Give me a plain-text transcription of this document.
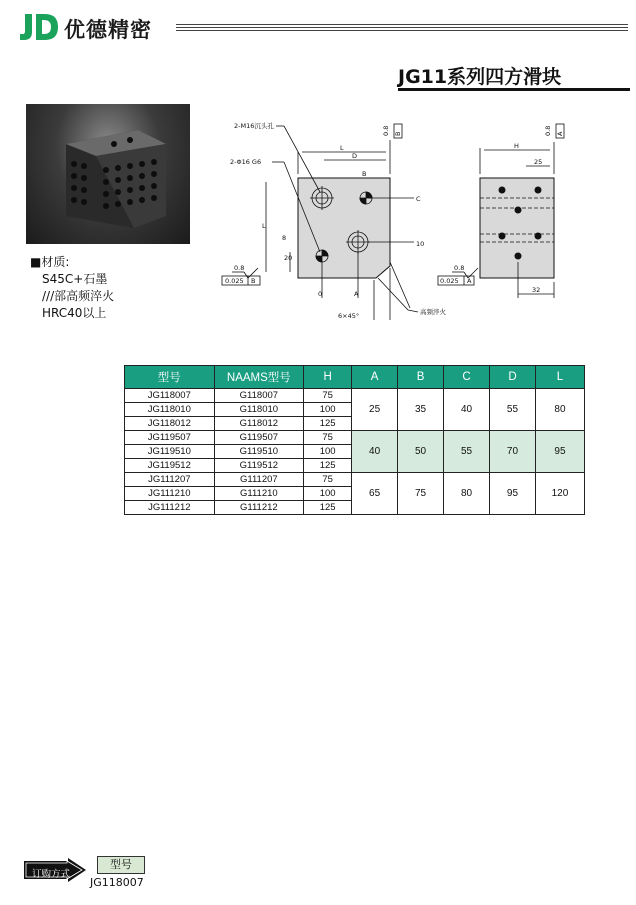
优德精密
JG11系列四方滑块
■材质:
S45C+石墨
///部高频淬火
HRC40以上
L
D
2-M16沉头孔
2-Φ16 G6
C
10
B
L
20
8
0	A
6×45°	高频淬火
0.025 B
0.8
B
0.8
H
25
32
0.025 A
0.8
A
0.8
型号	NAAMS型号	H	A	B	C	D	L
JG118007	G118007	75	25	35	40	55	80
JG118010	G118010	100					
JG118012	G118012	125					
JG119507	G119507	75	40	50	55	70	95
JG119510	G119510	100					
JG119512	G119512	125					
JG111207	G111207	75	65	75	80	95	120
JG111210	G111210	100					
JG111212	G111212	125					
订购方式
型号
JG118007
